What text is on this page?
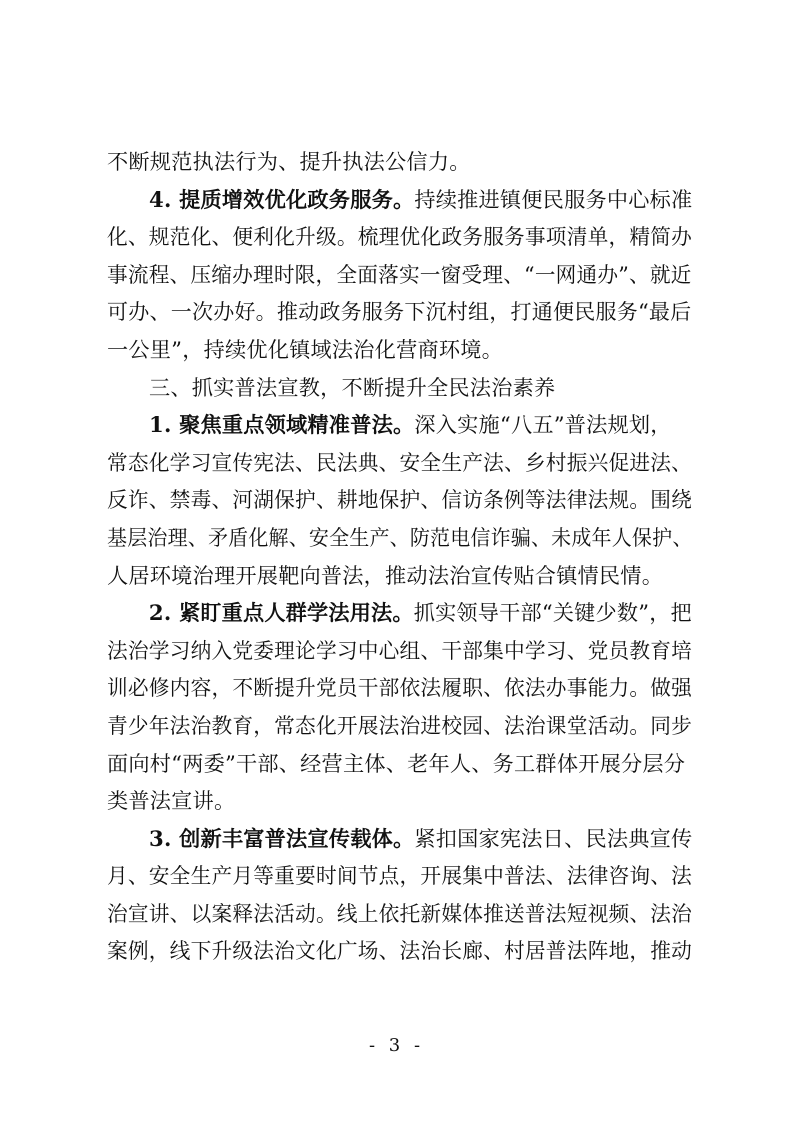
不断规范执法行为、提升执法公信力。
4. 提质增效优化政务服务。持续推进镇便民服务中心标准
化、规范化、便利化升级。梳理优化政务服务事项清单，精简办
事流程、压缩办理时限，全面落实一窗受理、“一网通办”、就近
可办、一次办好。推动政务服务下沉村组，打通便民服务“最后
一公里”，持续优化镇域法治化营商环境。
三、抓实普法宣教，不断提升全民法治素养
1. 聚焦重点领域精准普法。深入实施“八五”普法规划，
常态化学习宣传宪法、民法典、安全生产法、乡村振兴促进法、
反诈、禁毒、河湖保护、耕地保护、信访条例等法律法规。围绕
基层治理、矛盾化解、安全生产、防范电信诈骗、未成年人保护、
人居环境治理开展靶向普法，推动法治宣传贴合镇情民情。
2. 紧盯重点人群学法用法。抓实领导干部“关键少数”，把
法治学习纳入党委理论学习中心组、干部集中学习、党员教育培
训必修内容，不断提升党员干部依法履职、依法办事能力。做强
青少年法治教育，常态化开展法治进校园、法治课堂活动。同步
面向村“两委”干部、经营主体、老年人、务工群体开展分层分
类普法宣讲。
3. 创新丰富普法宣传载体。紧扣国家宪法日、民法典宣传
月、安全生产月等重要时间节点，开展集中普法、法律咨询、法
治宣讲、以案释法活动。线上依托新媒体推送普法短视频、法治
案例，线下升级法治文化广场、法治长廊、村居普法阵地，推动
- 3 -
